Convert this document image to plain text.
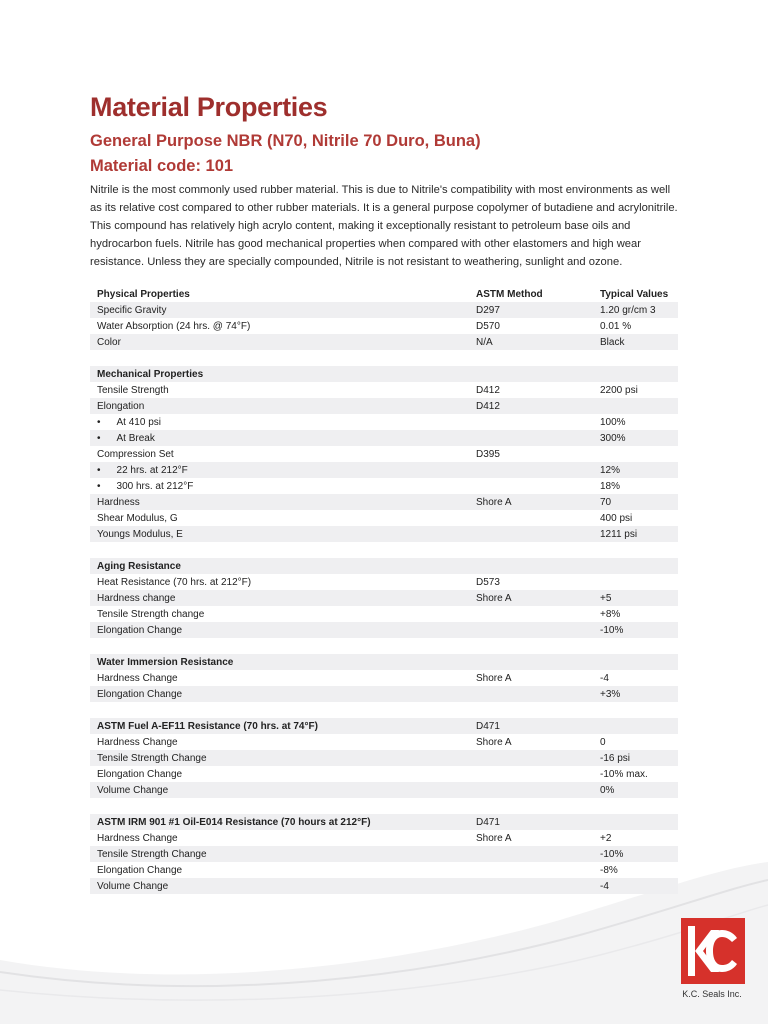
Material Properties
General Purpose NBR (N70, Nitrile 70 Duro, Buna)
Material code: 101

Nitrile is the most commonly used rubber material. This is due to Nitrile's compatibility with most environments as well as its relative cost compared to other rubber materials. It is a general purpose copolymer of butadiene and acrylonitrile. This compound has relatively high acrylo content, making it exceptionally resistant to petroleum base oils and hydrocarbon fuels. Nitrile has good mechanical properties when compared with other elastomers and high wear resistance. Unless they are specially compounded, Nitrile is not resistant to weathering, sunlight and ozone.

Physical Properties	ASTM Method	Typical Values
Specific Gravity	D297	1.20 gr/cm 3
Water Absorption (24 hrs. @ 74°F)	D570	0.01 %
Color	N/A	Black

Mechanical Properties		
Tensile Strength	D412	2200 psi
Elongation	D412	
• At 410 psi		100%
• At Break		300%
Compression Set	D395	
• 22 hrs. at 212°F		12%
• 300 hrs. at 212°F		18%
Hardness	Shore A	70
Shear Modulus, G		400 psi
Youngs Modulus, E		1211 psi

Aging Resistance		
Heat Resistance (70 hrs. at 212°F)	D573	
Hardness change	Shore A	+5
Tensile Strength change		+8%
Elongation Change		-10%

Water Immersion Resistance		
Hardness Change	Shore A	-4
Elongation Change		+3%

ASTM Fuel A-EF11 Resistance (70 hrs. at 74°F)	D471	
Hardness Change	Shore A	0
Tensile Strength Change		-16 psi
Elongation Change		-10% max.
Volume Change		0%

ASTM IRM 901 #1 Oil-E014 Resistance (70 hours at 212°F)	D471	
Hardness Change	Shore A	+2
Tensile Strength Change		-10%
Elongation Change		-8%
Volume Change		-4

K.C. Seals Inc.
